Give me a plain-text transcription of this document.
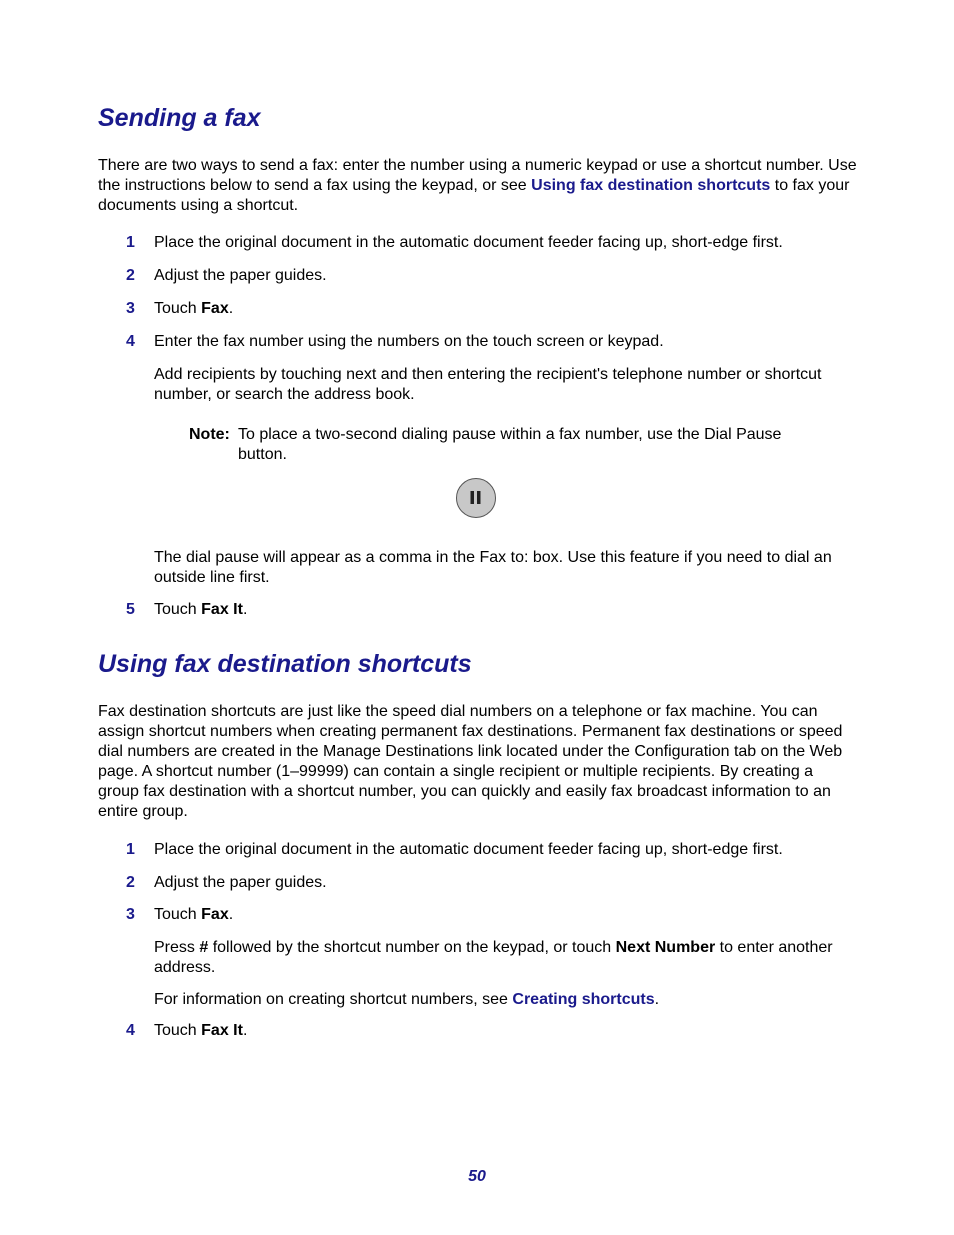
Sending a fax

There are two ways to send a fax: enter the number using a numeric keypad or use a shortcut number. Use the instructions below to send a fax using the keypad, or see Using fax destination shortcuts to fax your documents using a shortcut.

1 Place the original document in the automatic document feeder facing up, short-edge first.
2 Adjust the paper guides.
3 Touch Fax.
4 Enter the fax number using the numbers on the touch screen or keypad.

Add recipients by touching next and then entering the recipient's telephone number or shortcut number, or search the address book.

Note: To place a two-second dialing pause within a fax number, use the Dial Pause button.

The dial pause will appear as a comma in the Fax to: box. Use this feature if you need to dial an outside line first.

5 Touch Fax It.
Using fax destination shortcuts

Fax destination shortcuts are just like the speed dial numbers on a telephone or fax machine. You can assign shortcut numbers when creating permanent fax destinations. Permanent fax destinations or speed dial numbers are created in the Manage Destinations link located under the Configuration tab on the Web page. A shortcut number (1–99999) can contain a single recipient or multiple recipients. By creating a group fax destination with a shortcut number, you can quickly and easily fax broadcast information to an entire group.

1 Place the original document in the automatic document feeder facing up, short-edge first.
2 Adjust the paper guides.
3 Touch Fax.

Press # followed by the shortcut number on the keypad, or touch Next Number to enter another address.

For information on creating shortcut numbers, see Creating shortcuts.

4 Touch Fax It.
50
